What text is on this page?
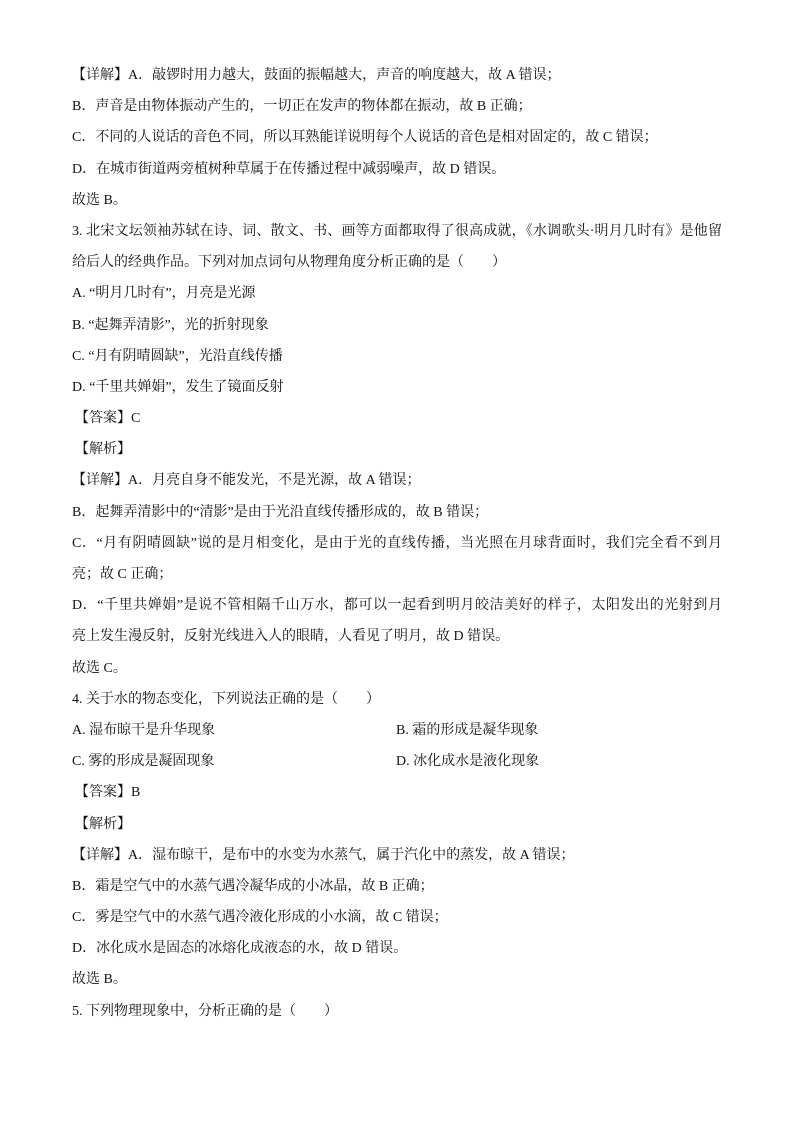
【详解】A．敲锣时用力越大，鼓面的振幅越大，声音的响度越大，故 A 错误；
B．声音是由物体振动产生的，一切正在发声的物体都在振动，故 B 正确；
C．不同的人说话的音色不同，所以耳熟能详说明每个人说话的音色是相对固定的，故 C 错误；
D．在城市街道两旁植树种草属于在传播过程中减弱噪声，故 D 错误。
故选 B。
3. 北宋文坛领袖苏轼在诗、词、散文、书、画等方面都取得了很高成就，《水调歌头·明月几时有》是他留
给后人的经典作品。下列对加点词句从物理角度分析正确的是（　　）
A. “明月几时有”，月亮是光源
B. “起舞弄清影”，光的折射现象
C. “月有阴晴圆缺”，光沿直线传播
D. “千里共婵娟”，发生了镜面反射
【答案】C
【解析】
【详解】A．月亮自身不能发光，不是光源，故 A 错误；
B．起舞弄清影中的“清影”是由于光沿直线传播形成的，故 B 错误；
C．“月有阴晴圆缺”说的是月相变化，是由于光的直线传播，当光照在月球背面时，我们完全看不到月
亮；故 C 正确；
D．“千里共婵娟”是说不管相隔千山万水，都可以一起看到明月皎洁美好的样子，太阳发出的光射到月
亮上发生漫反射，反射光线进入人的眼睛，人看见了明月，故 D 错误。
故选 C。
4. 关于水的物态变化，下列说法正确的是（　　）
A. 湿布晾干是升华现象	B. 霜的形成是凝华现象
C. 雾的形成是凝固现象	D. 冰化成水是液化现象
【答案】B
【解析】
【详解】A．湿布晾干，是布中的水变为水蒸气，属于汽化中的蒸发，故 A 错误；
B．霜是空气中的水蒸气遇冷凝华成的小冰晶，故 B 正确；
C．雾是空气中的水蒸气遇冷液化形成的小水滴，故 C 错误；
D．冰化成水是固态的冰熔化成液态的水，故 D 错误。
故选 B。
5. 下列物理现象中，分析正确的是（　　）
